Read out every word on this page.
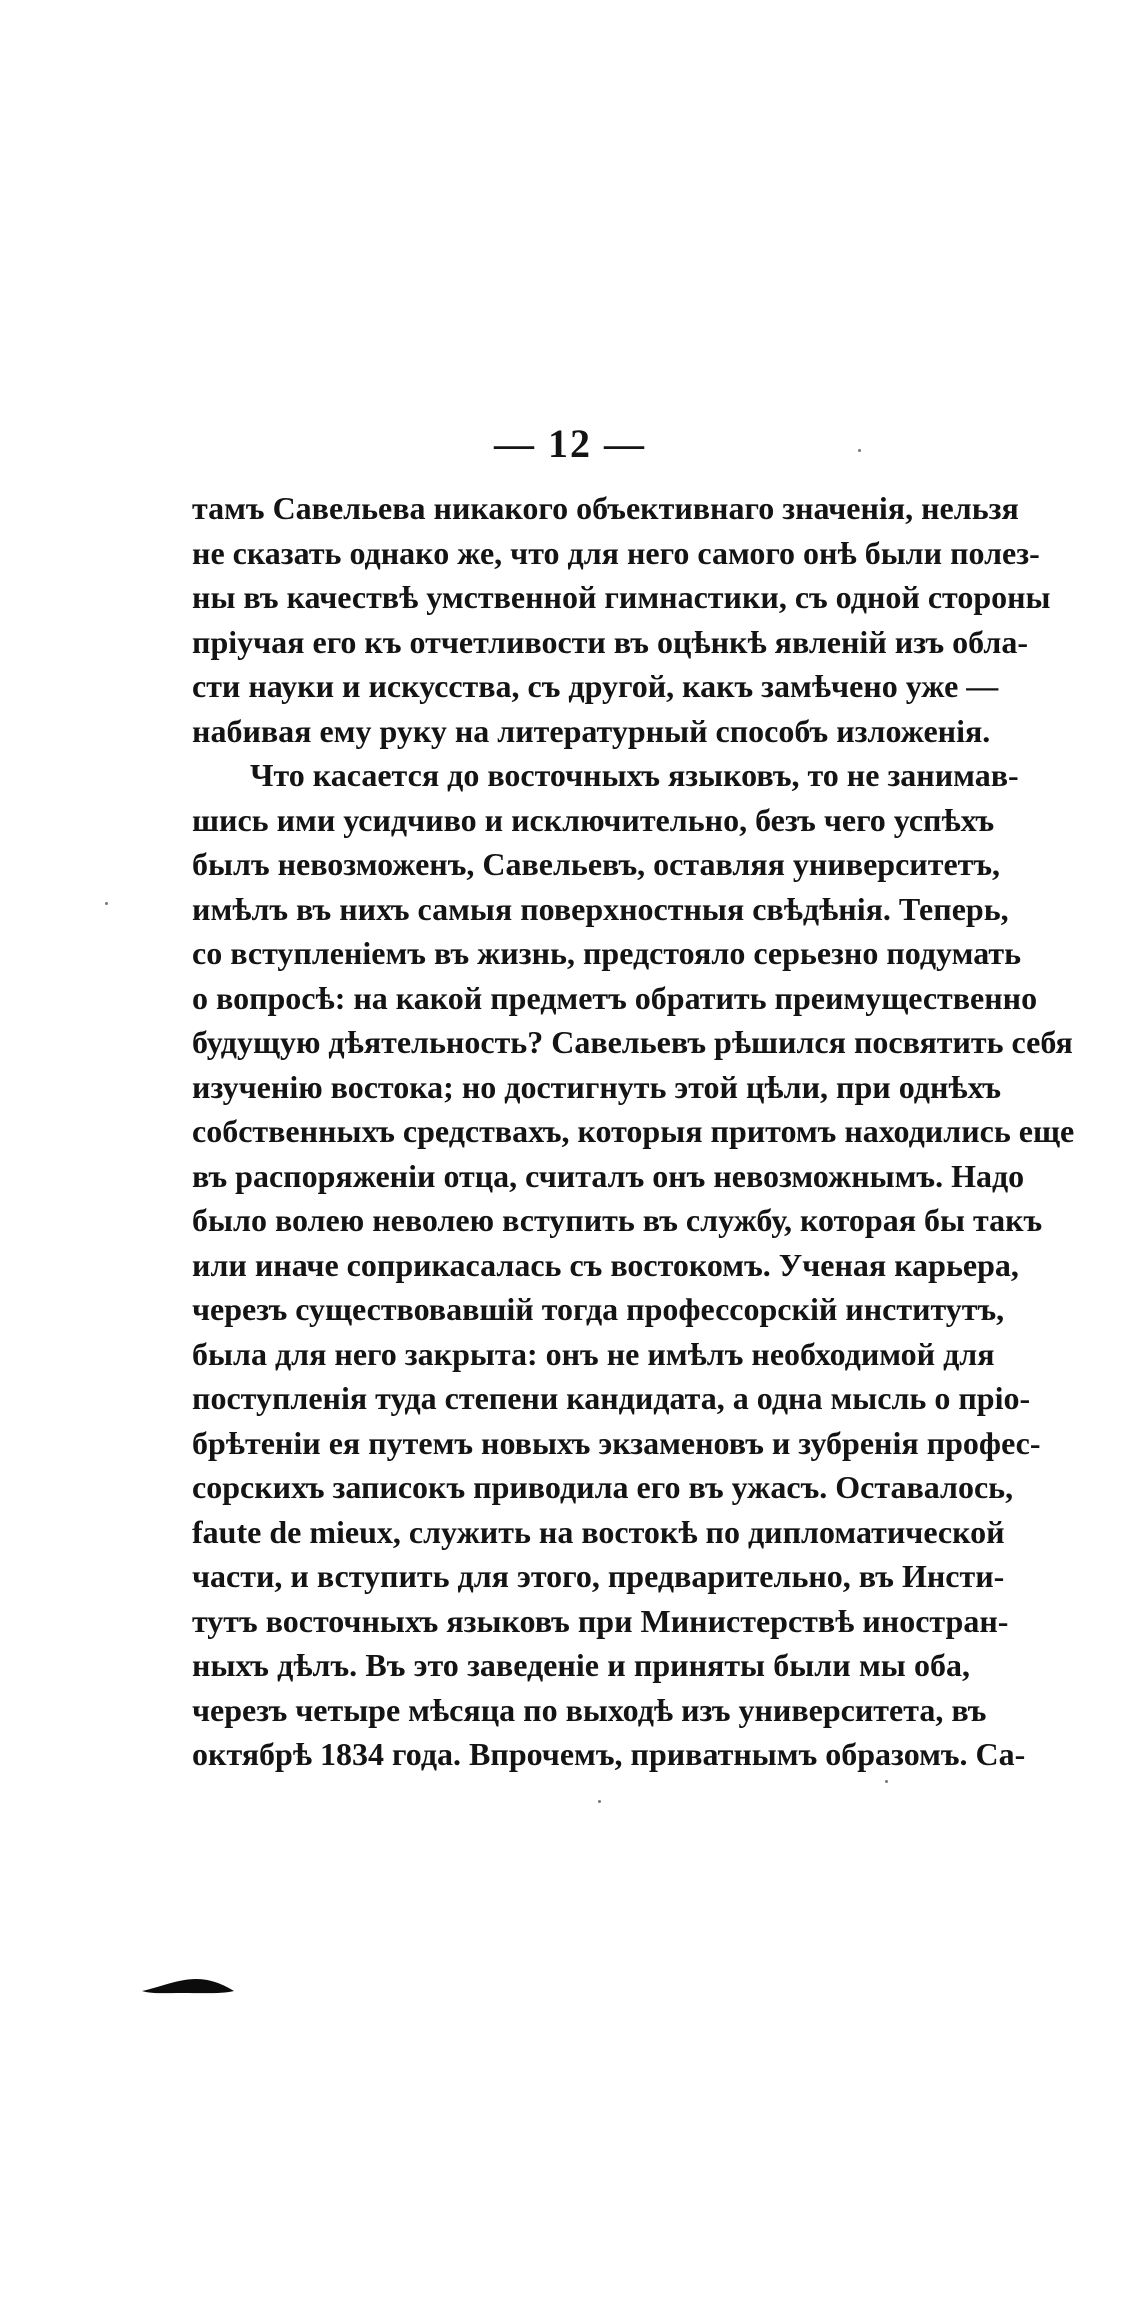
— 12 —
тамъ Савельева никакого объективнаго значенія, нельзя
не сказать однако же, что для него самого онѣ были полез-
ны въ качествѣ умственной гимнастики, съ одной стороны
пріучая его къ отчетливости въ оцѣнкѣ явленій изъ обла-
сти науки и искусства, съ другой, какъ замѣчено уже —
набивая ему руку на литературный способъ изложенія.
Что касается до восточныхъ языковъ, то не занимав-
шись ими усидчиво и исключительно, безъ чего успѣхъ
былъ невозможенъ, Савельевъ, оставляя университетъ,
имѣлъ въ нихъ самыя поверхностныя свѣдѣнія. Теперь,
со вступленіемъ въ жизнь, предстояло серьезно подумать
о вопросѣ: на какой предметъ обратить преимущественно
будущую дѣятельность? Савельевъ рѣшился посвятить себя
изученію востока; но достигнуть этой цѣли, при однѣхъ
собственныхъ средствахъ, которыя притомъ находились еще
въ распоряженіи отца, считалъ онъ невозможнымъ. Надо
было волею неволею вступить въ службу, которая бы такъ
или иначе соприкасалась съ востокомъ. Ученая карьера,
черезъ существовавшій тогда профессорскій институтъ,
была для него закрыта: онъ не имѣлъ необходимой для
поступленія туда степени кандидата, а одна мысль о пріо-
брѣтеніи ея путемъ новыхъ экзаменовъ и зубренія профес-
сорскихъ записокъ приводила его въ ужасъ. Оставалось,
faute de mieux, служить на востокѣ по дипломатической
части, и вступить для этого, предварительно, въ Инсти-
тутъ восточныхъ языковъ при Министерствѣ иностран-
ныхъ дѣлъ. Въ это заведеніе и приняты были мы оба,
черезъ четыре мѣсяца по выходѣ изъ университета, въ
октябрѣ 1834 года. Впрочемъ, приватнымъ образомъ. Са-
